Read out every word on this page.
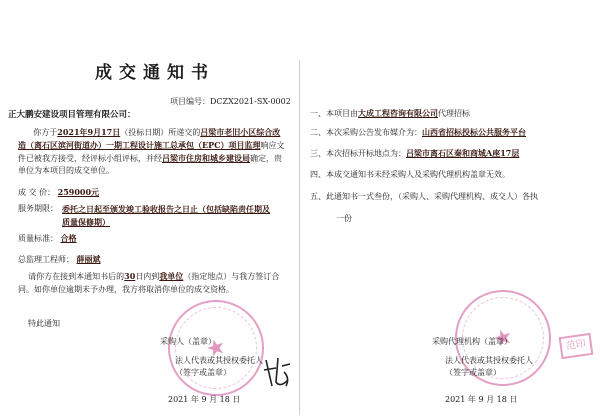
成交通知书
项目编号：DCZX2021-SX-0002
正大鹏安建设项目管理有限公司：
你方于2021年9月17日（投标日期）所递交的吕梁市老旧小区综合改造（离石区滨河街道办）一期工程设计施工总承包（EPC）项目监理响应文件已被我方接受，经评标小组评标，并经吕梁市住房和城乡建设局确定，贵单位为本项目的成交单位。
成 交 价： 259000元
服务期限： 委托之日起至颁发竣工验收报告之日止（包括缺陷责任期及质量保修期）
质量标准： 合格
总监理工程师： 薛丽斌
请你方在接到本通知书后的30日内到我单位（指定地点）与我方签订合同。如你单位逾期未予办理，我方将取消你单位的成交资格。
特此通知
★
采购人（盖章）
法人代表或其授权委托人
（签字或盖章）
2021 年 9 月 18 日
一、本项目由大成工程咨询有限公司代理招标
二、本次采购公告发布媒介为：山西省招标投标公共服务平台
三、本次招标开标地点为：吕梁市离石区秦和商城A座17层
四、本成交通知书未经采购人及采购代理机构盖章无效。
五、此通知书一式叁份，（采购人、采购代理机构、成交人）各执
一份
★	范印
采购代理机构（盖章）
法人代表或其授权委托人
（签字或盖章）
2021 年 9 月 18 日
